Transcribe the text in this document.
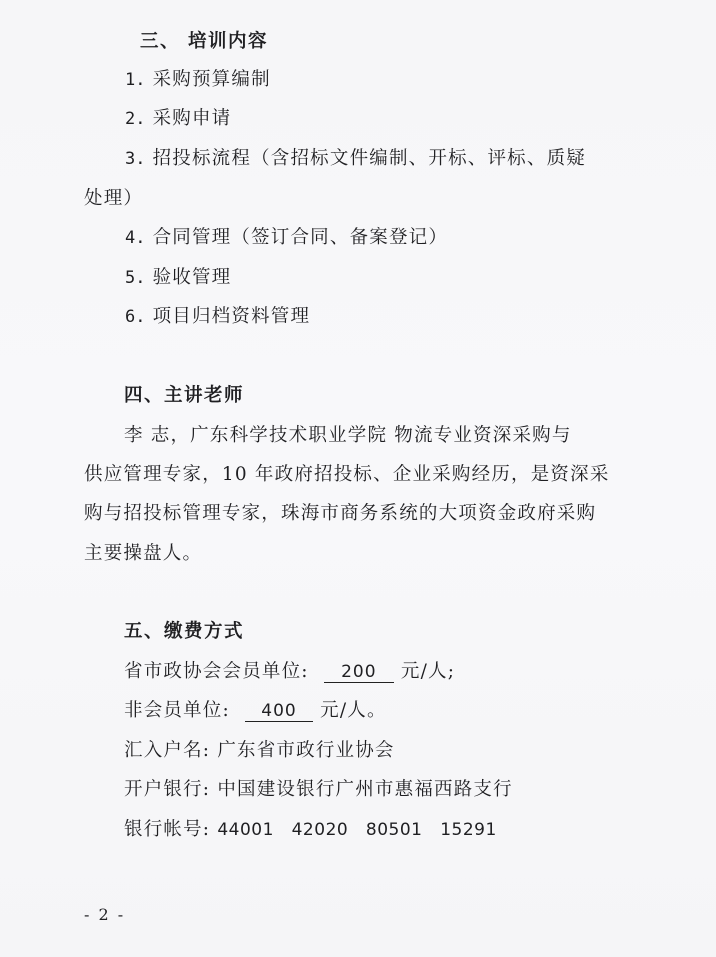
三、 培训内容
1. 采购预算编制
2. 采购申请
3. 招投标流程（含招标文件编制、开标、评标、质疑
处理）
4. 合同管理（签订合同、备案登记）
5. 验收管理
6. 项目归档资料管理
四、主讲老师
李 志，广东科学技术职业学院 物流专业资深采购与
供应管理专家，10 年政府招投标、企业采购经历，是资深采
购与招投标管理专家，珠海市商务系统的大项资金政府采购
主要操盘人。
五、缴费方式
省市政协会会员单位: 200 元/人;
非会员单位: 400 元/人。
汇入户名: 广东省市政行业协会
开户银行: 中国建设银行广州市惠福西路支行
银行帐号: 44001   42020   80501   15291
- 2 -
